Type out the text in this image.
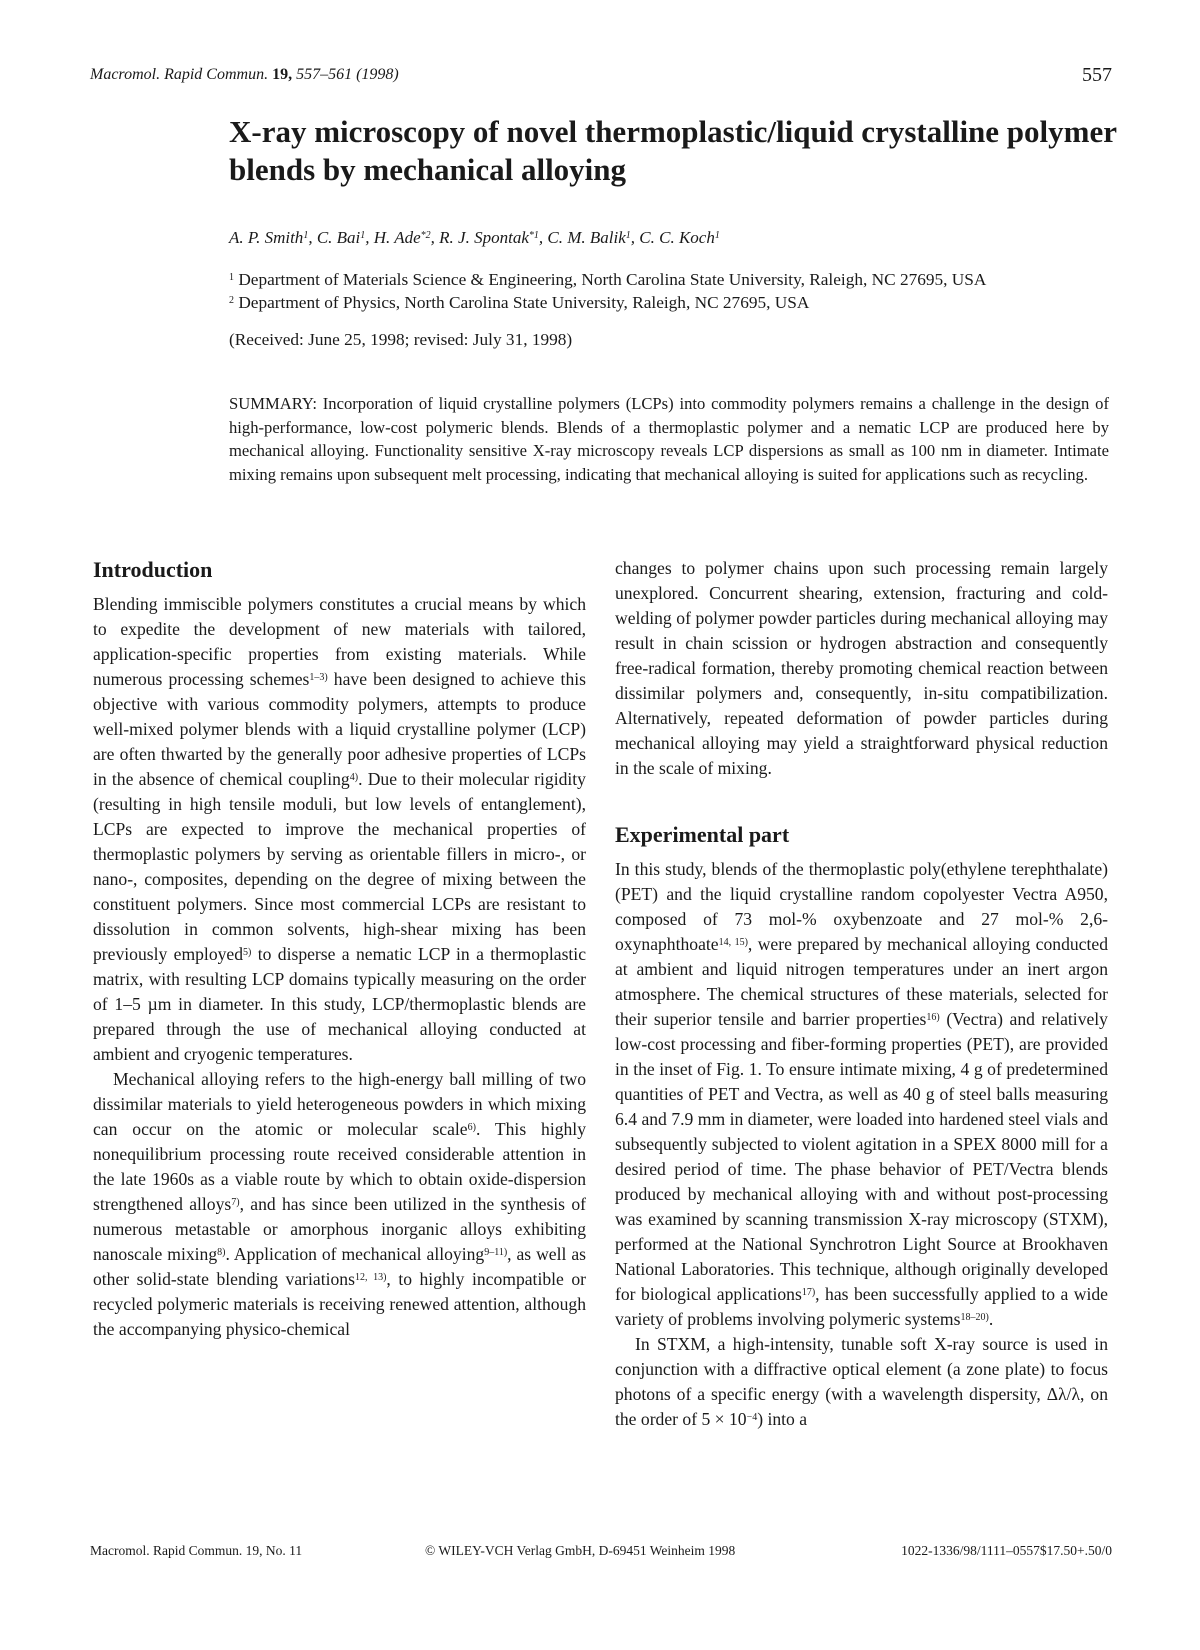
Macromol. Rapid Commun. 19, 557–561 (1998)	557
X-ray microscopy of novel thermoplastic/liquid crystalline polymer blends by mechanical alloying
A. P. Smith$^1$, C. Bai$^1$, H. Ade$^{*2}$, R. J. Spontak$^{*1}$, C. M. Balik$^1$, C. C. Koch$^1$
$^1$ Department of Materials Science & Engineering, North Carolina State University, Raleigh, NC 27695, USA
$^2$ Department of Physics, North Carolina State University, Raleigh, NC 27695, USA
(Received: June 25, 1998; revised: July 31, 1998)

SUMMARY: Incorporation of liquid crystalline polymers (LCPs) into commodity polymers remains a challenge in the design of high-performance, low-cost polymeric blends. Blends of a thermoplastic polymer and a nematic LCP are produced here by mechanical alloying. Functionality sensitive X-ray microscopy reveals LCP dispersions as small as 100 nm in diameter. Intimate mixing remains upon subsequent melt processing, indicating that mechanical alloying is suited for applications such as recycling.

Introduction

Blending immiscible polymers constitutes a crucial means by which to expedite the development of new materials with tailored, application-specific properties from existing materials. While numerous processing schemes$^{1-3)}$ have been designed to achieve this objective with various commodity polymers, attempts to produce well-mixed polymer blends with a liquid crystalline polymer (LCP) are often thwarted by the generally poor adhesive properties of LCPs in the absence of chemical coupling$^{4)}$. Due to their molecular rigidity (resulting in high tensile moduli, but low levels of entanglement), LCPs are expected to improve the mechanical properties of thermoplastic polymers by serving as orientable fillers in micro-, or nano-, composites, depending on the degree of mixing between the constituent polymers. Since most commercial LCPs are resistant to dissolution in common solvents, high-shear mixing has been previously employed$^{5)}$ to disperse a nematic LCP in a thermoplastic matrix, with resulting LCP domains typically measuring on the order of 1–5 µm in diameter. In this study, LCP/thermoplastic blends are prepared through the use of mechanical alloying conducted at ambient and cryogenic temperatures.

Mechanical alloying refers to the high-energy ball milling of two dissimilar materials to yield heterogeneous powders in which mixing can occur on the atomic or molecular scale$^{6)}$. This highly nonequilibrium processing route received considerable attention in the late 1960s as a viable route by which to obtain oxide-dispersion strengthened alloys$^{7)}$, and has since been utilized in the synthesis of numerous metastable or amorphous inorganic alloys exhibiting nanoscale mixing$^{8)}$. Application of mechanical alloying$^{9-11)}$, as well as other solid-state blending variations$^{12, 13)}$, to highly incompatible or recycled polymeric materials is receiving renewed attention, although the accompanying physico-chemical

changes to polymer chains upon such processing remain largely unexplored. Concurrent shearing, extension, fracturing and cold-welding of polymer powder particles during mechanical alloying may result in chain scission or hydrogen abstraction and consequently free-radical formation, thereby promoting chemical reaction between dissimilar polymers and, consequently, in-situ compatibilization. Alternatively, repeated deformation of powder particles during mechanical alloying may yield a straightforward physical reduction in the scale of mixing.

Experimental part

In this study, blends of the thermoplastic poly(ethylene terephthalate) (PET) and the liquid crystalline random copolyester Vectra A950, composed of 73 mol-% oxybenzoate and 27 mol-% 2,6-oxynaphthoate$^{14, 15)}$, were prepared by mechanical alloying conducted at ambient and liquid nitrogen temperatures under an inert argon atmosphere. The chemical structures of these materials, selected for their superior tensile and barrier properties$^{16)}$ (Vectra) and relatively low-cost processing and fiber-forming properties (PET), are provided in the inset of Fig. 1. To ensure intimate mixing, 4 g of predetermined quantities of PET and Vectra, as well as 40 g of steel balls measuring 6.4 and 7.9 mm in diameter, were loaded into hardened steel vials and subsequently subjected to violent agitation in a SPEX 8000 mill for a desired period of time. The phase behavior of PET/Vectra blends produced by mechanical alloying with and without post-processing was examined by scanning transmission X-ray microscopy (STXM), performed at the National Synchrotron Light Source at Brookhaven National Laboratories. This technique, although originally developed for biological applications$^{17)}$, has been successfully applied to a wide variety of problems involving polymeric systems$^{18-20)}$.

In STXM, a high-intensity, tunable soft X-ray source is used in conjunction with a diffractive optical element (a zone plate) to focus photons of a specific energy (with a wavelength dispersity, Δλ/λ, on the order of $5 \times 10^{-4}$) into a

Macromol. Rapid Commun. 19, No. 11	© WILEY-VCH Verlag GmbH, D-69451 Weinheim 1998	1022-1336/98/1111–0557$17.50+.50/0
